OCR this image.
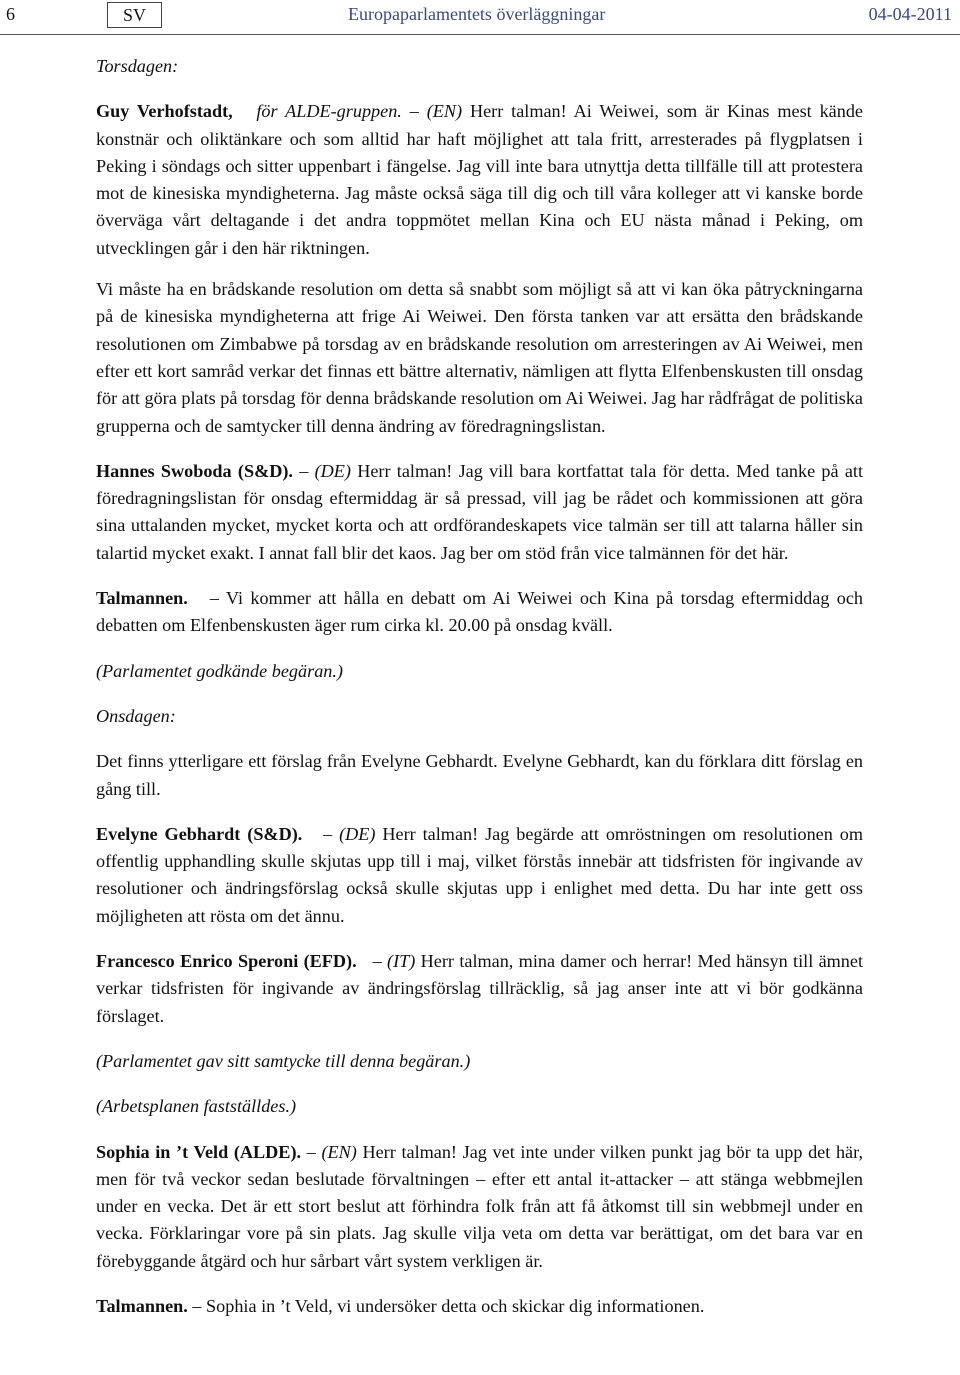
6	SV	Europaparlamentets överläggningar	04-04-2011

Torsdagen:

Guy Verhofstadt, för ALDE-gruppen. – (EN) Herr talman! Ai Weiwei, som är Kinas mest kände konstnär och oliktänkare och som alltid har haft möjlighet att tala fritt, arresterades på flygplatsen i Peking i söndags och sitter uppenbart i fängelse. Jag vill inte bara utnyttja detta tillfälle till att protestera mot de kinesiska myndigheterna. Jag måste också säga till dig och till våra kolleger att vi kanske borde överväga vårt deltagande i det andra toppmötet mellan Kina och EU nästa månad i Peking, om utvecklingen går i den här riktningen.

Vi måste ha en brådskande resolution om detta så snabbt som möjligt så att vi kan öka påtryckningarna på de kinesiska myndigheterna att frige Ai Weiwei. Den första tanken var att ersätta den brådskande resolutionen om Zimbabwe på torsdag av en brådskande resolution om arresteringen av Ai Weiwei, men efter ett kort samråd verkar det finnas ett bättre alternativ, nämligen att flytta Elfenbenskusten till onsdag för att göra plats på torsdag för denna brådskande resolution om Ai Weiwei. Jag har rådfrågat de politiska grupperna och de samtycker till denna ändring av föredragningslistan.

Hannes Swoboda (S&D). – (DE) Herr talman! Jag vill bara kortfattat tala för detta. Med tanke på att föredragningslistan för onsdag eftermiddag är så pressad, vill jag be rådet och kommissionen att göra sina uttalanden mycket, mycket korta och att ordförandeskapets vice talmän ser till att talarna håller sin talartid mycket exakt. I annat fall blir det kaos. Jag ber om stöd från vice talmännen för det här.

Talmannen. – Vi kommer att hålla en debatt om Ai Weiwei och Kina på torsdag eftermiddag och debatten om Elfenbenskusten äger rum cirka kl. 20.00 på onsdag kväll.

(Parlamentet godkände begäran.)

Onsdagen:

Det finns ytterligare ett förslag från Evelyne Gebhardt. Evelyne Gebhardt, kan du förklara ditt förslag en gång till.

Evelyne Gebhardt (S&D). – (DE) Herr talman! Jag begärde att omröstningen om resolutionen om offentlig upphandling skulle skjutas upp till i maj, vilket förstås innebär att tidsfristen för ingivande av resolutioner och ändringsförslag också skulle skjutas upp i enlighet med detta. Du har inte gett oss möjligheten att rösta om det ännu.

Francesco Enrico Speroni (EFD). – (IT) Herr talman, mina damer och herrar! Med hänsyn till ämnet verkar tidsfristen för ingivande av ändringsförslag tillräcklig, så jag anser inte att vi bör godkänna förslaget.

(Parlamentet gav sitt samtycke till denna begäran.)

(Arbetsplanen fastställdes.)

Sophia in ’t Veld (ALDE). – (EN) Herr talman! Jag vet inte under vilken punkt jag bör ta upp det här, men för två veckor sedan beslutade förvaltningen – efter ett antal it-attacker – att stänga webbmejlen under en vecka. Det är ett stort beslut att förhindra folk från att få åtkomst till sin webbmejl under en vecka. Förklaringar vore på sin plats. Jag skulle vilja veta om detta var berättigat, om det bara var en förebyggande åtgärd och hur sårbart vårt system verkligen är.

Talmannen. – Sophia in ’t Veld, vi undersöker detta och skickar dig informationen.
